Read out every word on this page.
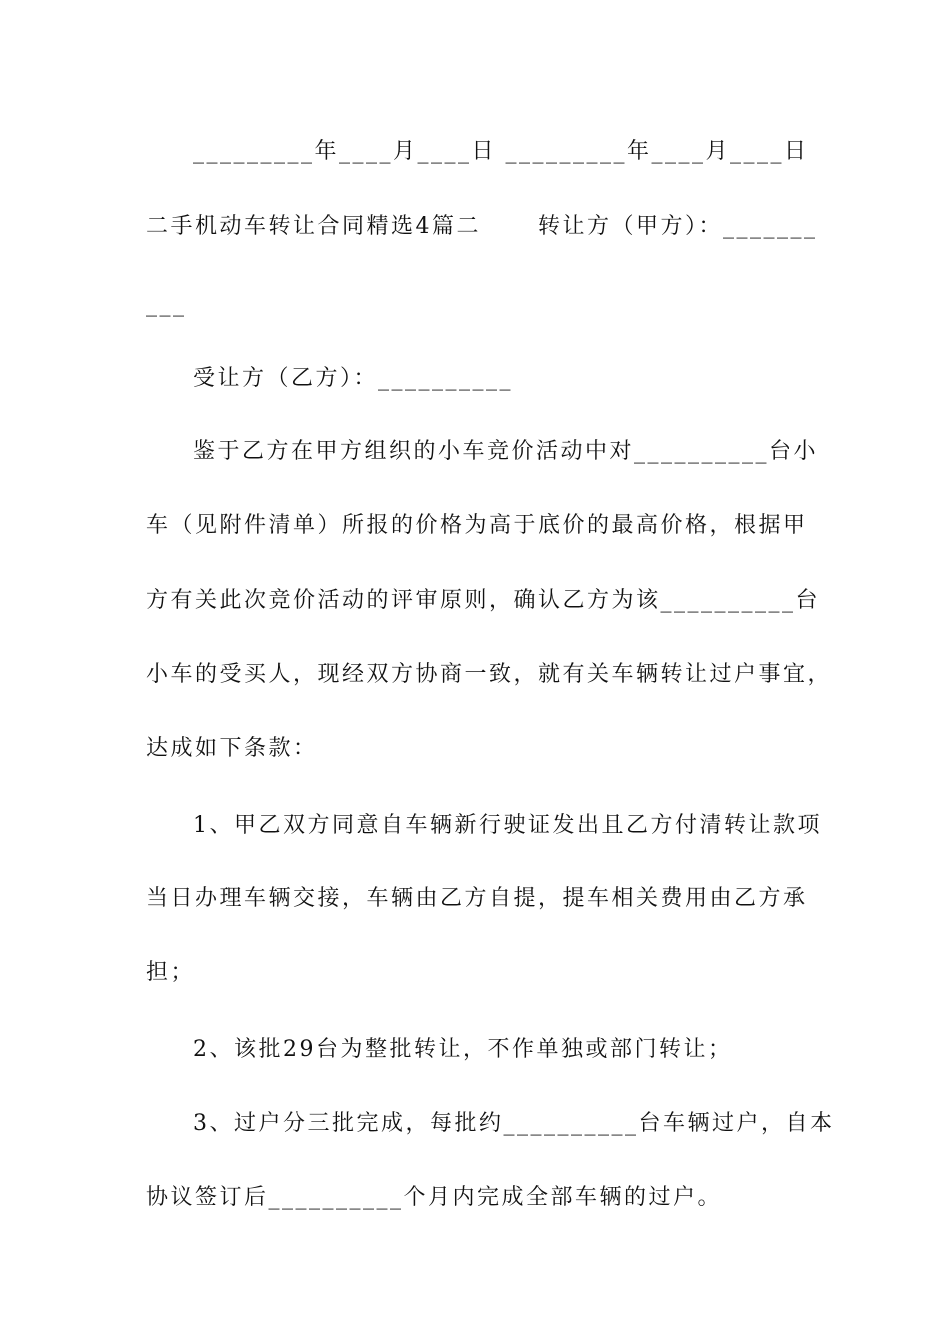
_________年____月____日 _________年____月____日
二手机动车转让合同精选4篇二      转让方（甲方）：_______
___
受让方（乙方）：__________
鉴于乙方在甲方组织的小车竞价活动中对__________台小
车（见附件清单）所报的价格为高于底价的最高价格，根据甲
方有关此次竞价活动的评审原则，确认乙方为该__________台
小车的受买人，现经双方协商一致，就有关车辆转让过户事宜，
达成如下条款：
1、甲乙双方同意自车辆新行驶证发出且乙方付清转让款项
当日办理车辆交接，车辆由乙方自提，提车相关费用由乙方承
担；
2、该批29台为整批转让，不作单独或部门转让；
3、过户分三批完成，每批约__________台车辆过户，自本
协议签订后__________个月内完成全部车辆的过户。
